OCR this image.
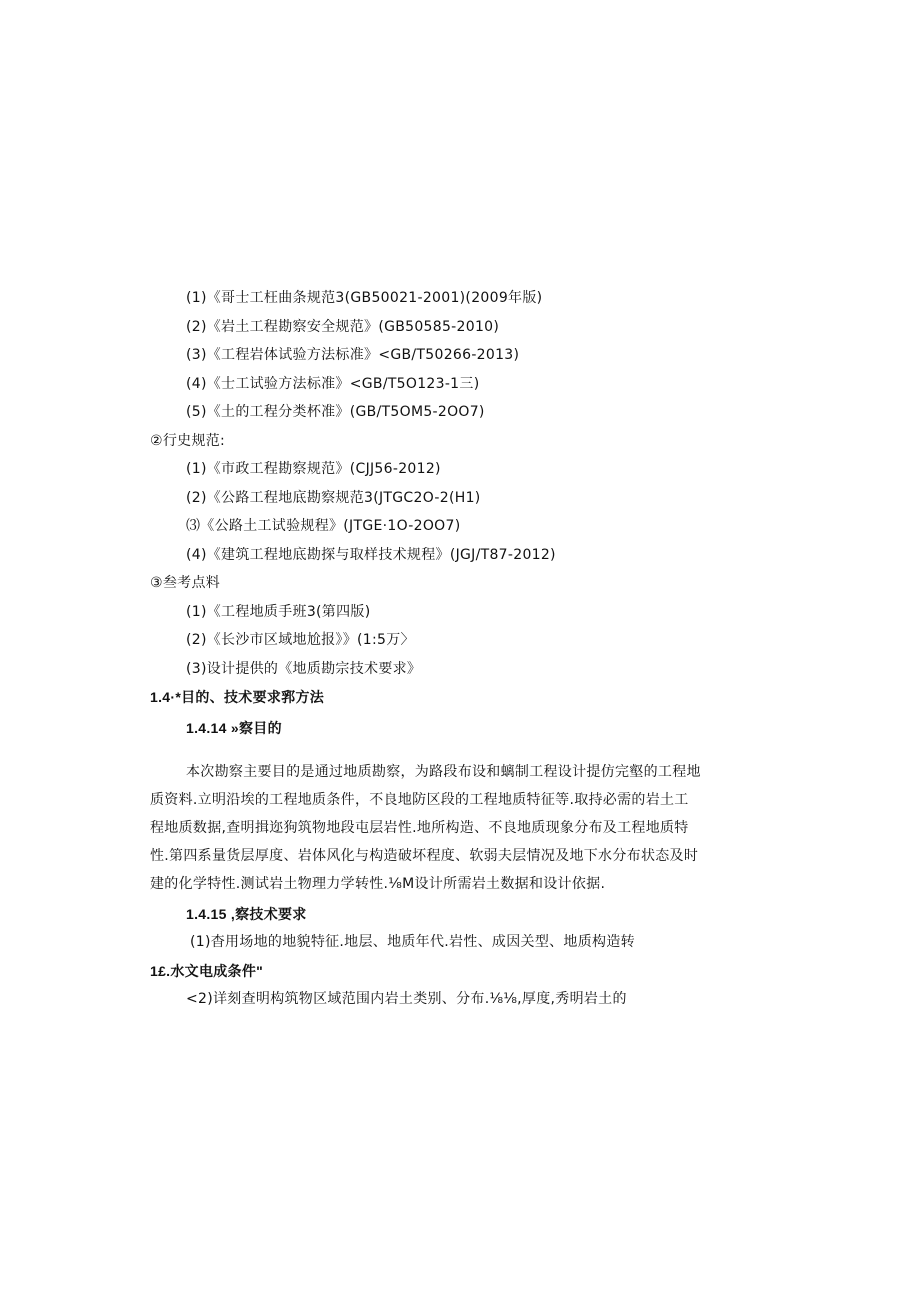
(1)《哥士工枉曲条规范3(GB50021-2001)(2009年版)
(2)《岩土工程勘察安全规范》(GB50585-2010)
(3)《工程岩体试验方法标准》<GB/T50266-2013)
(4)《士工试验方法标准》<GB/T5O123-1三)
(5)《土的工程分类杯准》(GB/T5OM5-2OO7)
②行史规范:
(1)《市政工程勘察规范》(CJJ56-2012)
(2)《公路工程地底勘察规范3(JTGC2O-2(H1)
⑶《公路土工试验规程》(JTGE·1O-2OO7)
(4)《建筑工程地底勘探与取样技术规程》(JGJ/T87-2012)
③叁考点料
(1)《工程地质手班3(第四版)
(2)《长沙市区域地尬报》》(1:5万〉
(3)设计提供的《地质勘宗技术要求》
1.4·*目的、技术要求郛方法
1.4.14 »察目的
本次勘察主要目的是通过地质勘察，为路段布设和螭制工程设计提仿完壑的工程地
质资料.立明沿埃的工程地质条件，不良地防区段的工程地质特征等.取持必需的岩土工
程地质数据,查明揖迩狗筑物地段屯层岩性.地所构造、不良地质现象分布及工程地质特
性.第四系量货层厚度、岩体风化与构造破坏程度、软弱夫层情况及地下水分布状态及时
建的化学特性.测试岩土物理力学转性.⅛M设计所需岩土数据和设计依据.
1.4.15 ,察技术要求
(1)杳用场地的地貌特征.地层、地质年代.岩性、成因关型、地质构造转
1£.水文电成条件"
<2)详刻查明构筑物区域范围内岩土类别、分布.⅛⅛,厚度,秀明岩土的
